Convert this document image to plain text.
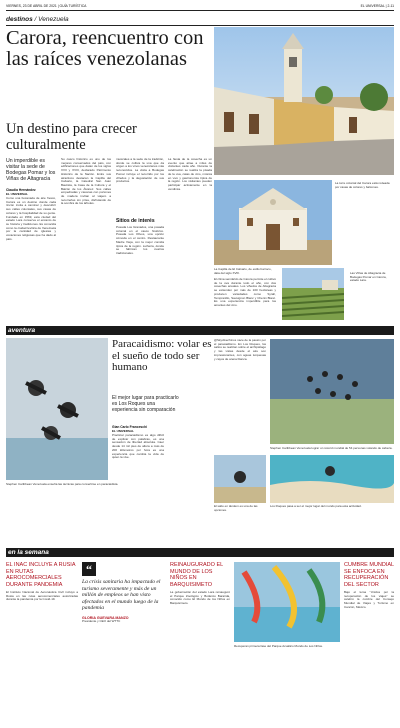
VIERNES, 23 DE ABRIL DE 2021 | GUÍA TURÍSTICA	EL UNIVERSAL | 2-11
destinos / Venezuela
Carora, reencuentro con las raíces venezolanas
Un destino para crecer culturalmente
La torre colonial del Carora está rodeada por casas de colores y balcones.
La Capilla de El Calvario, de estilo barroco, data del siglo XVIII.	Las Viñas de Altagracia de Bodegas Pomar en Carora, estado Lara.
Un imperdible es visitar la sede de Bodegas Pomar y los Viñas de Altagracia
Claudia Hernández
EL UNIVERSAL
Como una bocanada de aire fresco, Carora es un destino donde cada rincón invita a caminar y descubrir sus calles coloniales, sus casas de colores y la hospitalidad de su gente. Fundada en 1569, esta ciudad del estado Lara conserva el encanto de su historia y tradiciones. Es conocida como la ciudad levítica de Venezuela por la cantidad de iglesias y vocaciones religiosas que ha dado al país.
Su casco histórico es uno de los mejores conservados del país, con edificaciones que datan de los siglos XVII y XVIII, declarado Patrimonio Histórico de la Nación. Entre sus atractivos destacan la Capilla del Calvario, la Catedral San Juan Bautista, la Casa de la Cultura y el Balcón de los Álvarez. Sus calles empedradas y casonas con portones de madera invitan al viajero a recorrerlas sin prisa, disfrutando de la sombra de los árboles.
musicales a la sede de la tradición, donde se cultiva la uva que da origen a los vinos venezolanos más reconocidos. La visita a Bodegas Pomar incluye el recorrido por los viñedos y la degustación de sus productos.
Sitios de interés
Posada Los Granados, una posada colonial en el casco histórico. Posada Los Olivos, una opción cómoda en el centro. Restaurante Madre Vieja, con la mejor comida típica de la región. Lutheria, donde se fabrican los cuatros tradicionales.
La fiesta de la cosecha es un evento que atrae a miles de visitantes cada año. Durante la celebración se realiza la pisada de la uva, catas de vino, música en vivo y gastronomía típica de la región. Los visitantes pueden participar activamente en la vendimia.
El clima semiárido de Carora permite el cultivo de la uva durante todo el año, con dos cosechas anuales. Los viñedos de Altagracia se extienden por más de 100 hectáreas y producen variedades como Syrah, Tempranillo, Sauvignon Blanc y Chenin Blanc. Es una experiencia imperdible para los amantes del vino.
aventura
Stephen Caribbean Venezuela enseña las técnicas para convertirse en paracaidista.
Paracaidismo: volar es el sueño de todo ser humano
El mejor lugar para practicarlo es Los Roques una experiencia sin comparación
Gian Carlo Franceschi
EL UNIVERSAL
Practicar paracaidismo es algo difícil de explicar con palabras, es una sensación de libertad absoluta. Caer desde 14 mil pies de altura a más de 200 kilómetros por hora es una experiencia que cambia la vida de quien la vive.
@Skydivechinos nace de la pasión por el paracaidismo. En Los Roques, los saltos se realizan sobre el archipiélago y las vistas desde el aire son impresionantes, con aguas turquesas y cayos de arena blanca.
Stephen Caribbean Venezuela lograr un récord mundial de 54 personas volando de cabeza.
El salto en tándem es una de las opciones.
Los Roques pasa a ser el mejor lugar del mundo para esta actividad.
en la semana
EL INAC INCLUYE A RUSIA EN RUTAS AEROCOMERCIALES DURANTE PANDEMIA
El Instituto Nacional de Aeronáutica Civil incluyó a Rusia en las rutas aerocomerciales autorizadas durante la pandemia por la Covid-19.
“
La crisis sanitaria ha impactado el turismo severamente y más de un millón de empleos se han visto afectados en el mundo luego de la pandemia
GLORIA GUEVARA MANZO
Presidente y CEO del WTTC
REINAUGURADO EL MUNDO DE LOS NIÑOS EN BARQUISIMETO
La gobernación del estado Lara reinauguró el Parque Zoológico y Botánico Bararida, conocido como El Mundo de los Niños en Barquisimeto.
Recuperan primera fase del Parque Acuático Mundo de Los Niños.
CUMBRE MUNDIAL SE ENFOCA EN RECUPERACIÓN DEL SECTOR
Bajo el lema "Unidos por la recuperación de los viajes" se celebró la cumbre del Consejo Mundial de Viajes y Turismo en Cancún, México.
